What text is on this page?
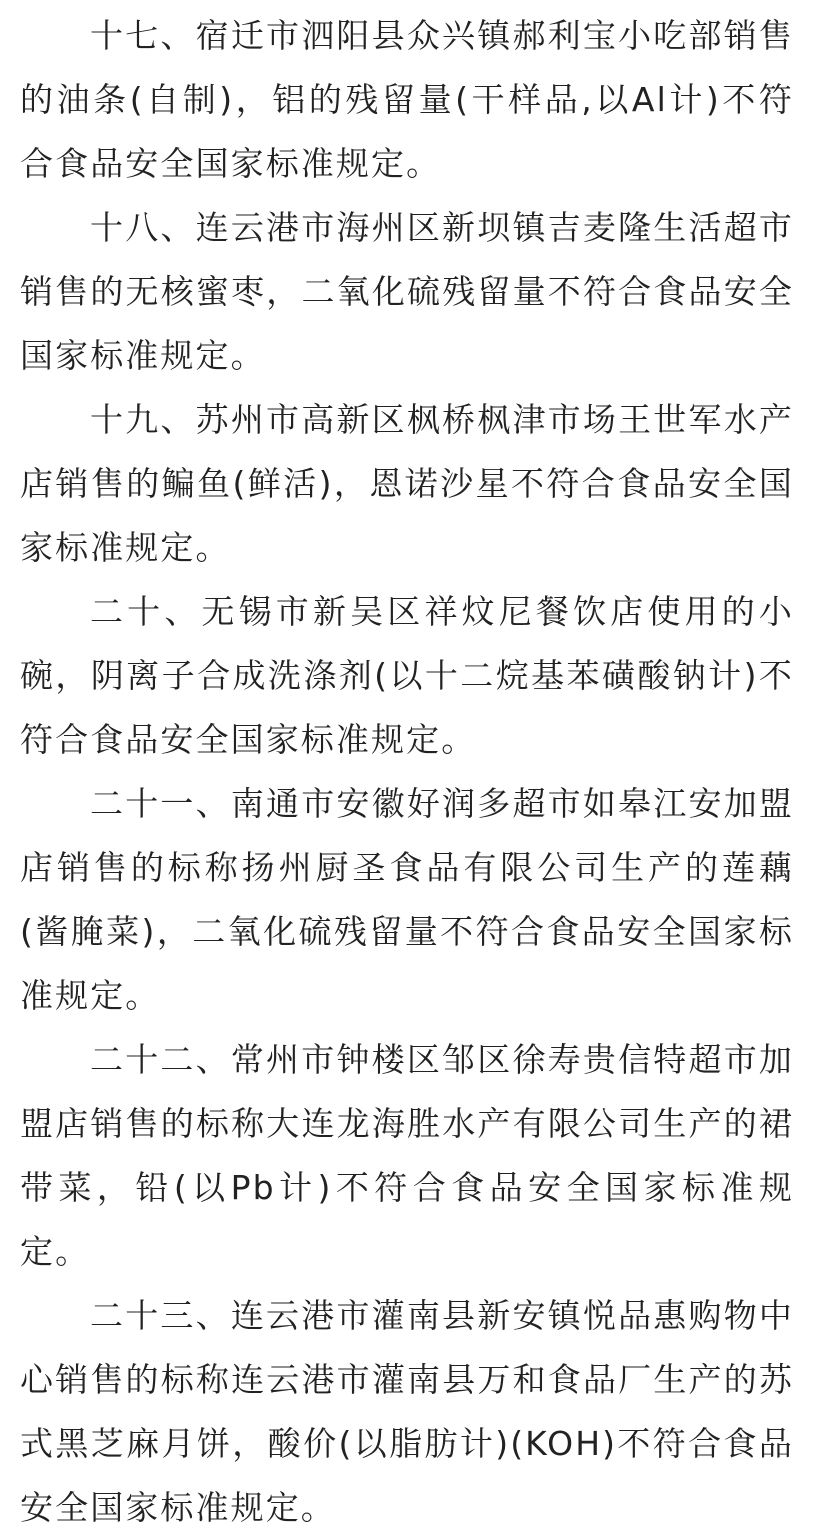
十七、宿迁市泗阳县众兴镇郝利宝小吃部销售的油条(自制)，铝的残留量(干样品,以Al计)不符合食品安全国家标准规定。

十八、连云港市海州区新坝镇吉麦隆生活超市销售的无核蜜枣，二氧化硫残留量不符合食品安全国家标准规定。

十九、苏州市高新区枫桥枫津市场王世军水产店销售的鳊鱼(鲜活)，恩诺沙星不符合食品安全国家标准规定。

二十、无锡市新吴区祥炆尼餐饮店使用的小碗，阴离子合成洗涤剂(以十二烷基苯磺酸钠计)不符合食品安全国家标准规定。

二十一、南通市安徽好润多超市如皋江安加盟店销售的标称扬州厨圣食品有限公司生产的莲藕(酱腌菜)，二氧化硫残留量不符合食品安全国家标准规定。

二十二、常州市钟楼区邹区徐寿贵信特超市加盟店销售的标称大连龙海胜水产有限公司生产的裙带菜，铅(以Pb计)不符合食品安全国家标准规定。

二十三、连云港市灌南县新安镇悦品惠购物中心销售的标称连云港市灌南县万和食品厂生产的苏式黑芝麻月饼，酸价(以脂肪计)(KOH)不符合食品安全国家标准规定。
